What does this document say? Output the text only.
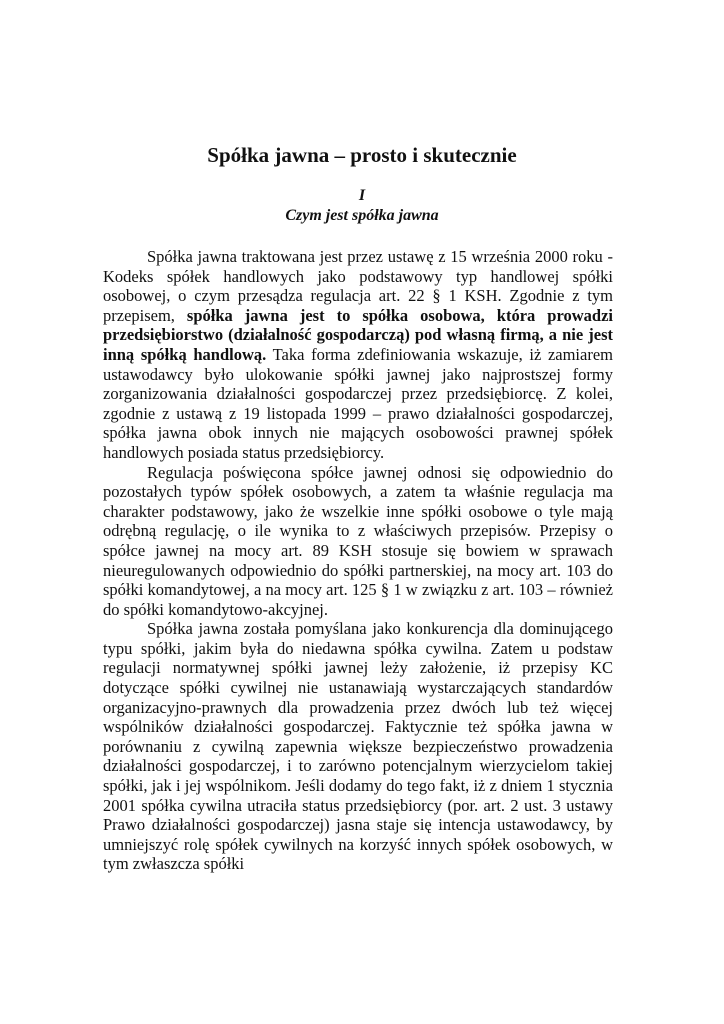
Spółka jawna – prosto i skutecznie
I
Czym jest spółka jawna

Spółka jawna traktowana jest przez ustawę z 15 września 2000 roku - Kodeks spółek handlowych jako podstawowy typ handlowej spółki osobowej, o czym przesądza regulacja art. 22 § 1 KSH. Zgodnie z tym przepisem, spółka jawna jest to spółka osobowa, która prowadzi przedsiębiorstwo (działalność gospodarczą) pod własną firmą, a nie jest inną spółką handlową. Taka forma zdefiniowania wskazuje, iż zamiarem ustawodawcy było ulokowanie spółki jawnej jako najprostszej formy zorganizowania działalności gospodarczej przez przedsiębiorcę. Z kolei, zgodnie z ustawą z 19 listopada 1999 – prawo działalności gospodarczej, spółka jawna obok innych nie mających osobowości prawnej spółek handlowych posiada status przedsiębiorcy.

Regulacja poświęcona spółce jawnej odnosi się odpowiednio do pozostałych typów spółek osobowych, a zatem ta właśnie regulacja ma charakter podstawowy, jako że wszelkie inne spółki osobowe o tyle mają odrębną regulację, o ile wynika to z właściwych przepisów. Przepisy o spółce jawnej na mocy art. 89 KSH stosuje się bowiem w sprawach nieuregulowanych odpowiednio do spółki partnerskiej, na mocy art. 103 do spółki komandytowej, a na mocy art. 125 § 1 w związku z art. 103 – również do spółki komandytowo-akcyjnej.

Spółka jawna została pomyślana jako konkurencja dla dominującego typu spółki, jakim była do niedawna spółka cywilna. Zatem u podstaw regulacji normatywnej spółki jawnej leży założenie, iż przepisy KC dotyczące spółki cywilnej nie ustanawiają wystarczających standardów organizacyjno-prawnych dla prowadzenia przez dwóch lub też więcej wspólników działalności gospodarczej. Faktycznie też spółka jawna w porównaniu z cywilną zapewnia większe bezpieczeństwo prowadzenia działalności gospodarczej, i to zarówno potencjalnym wierzycielom takiej spółki, jak i jej wspólnikom. Jeśli dodamy do tego fakt, iż z dniem 1 stycznia 2001 spółka cywilna utraciła status przedsiębiorcy (por. art. 2 ust. 3 ustawy Prawo działalności gospodarczej) jasna staje się intencja ustawodawcy, by umniejszyć rolę spółek cywilnych na korzyść innych spółek osobowych, w tym zwłaszcza spółki
